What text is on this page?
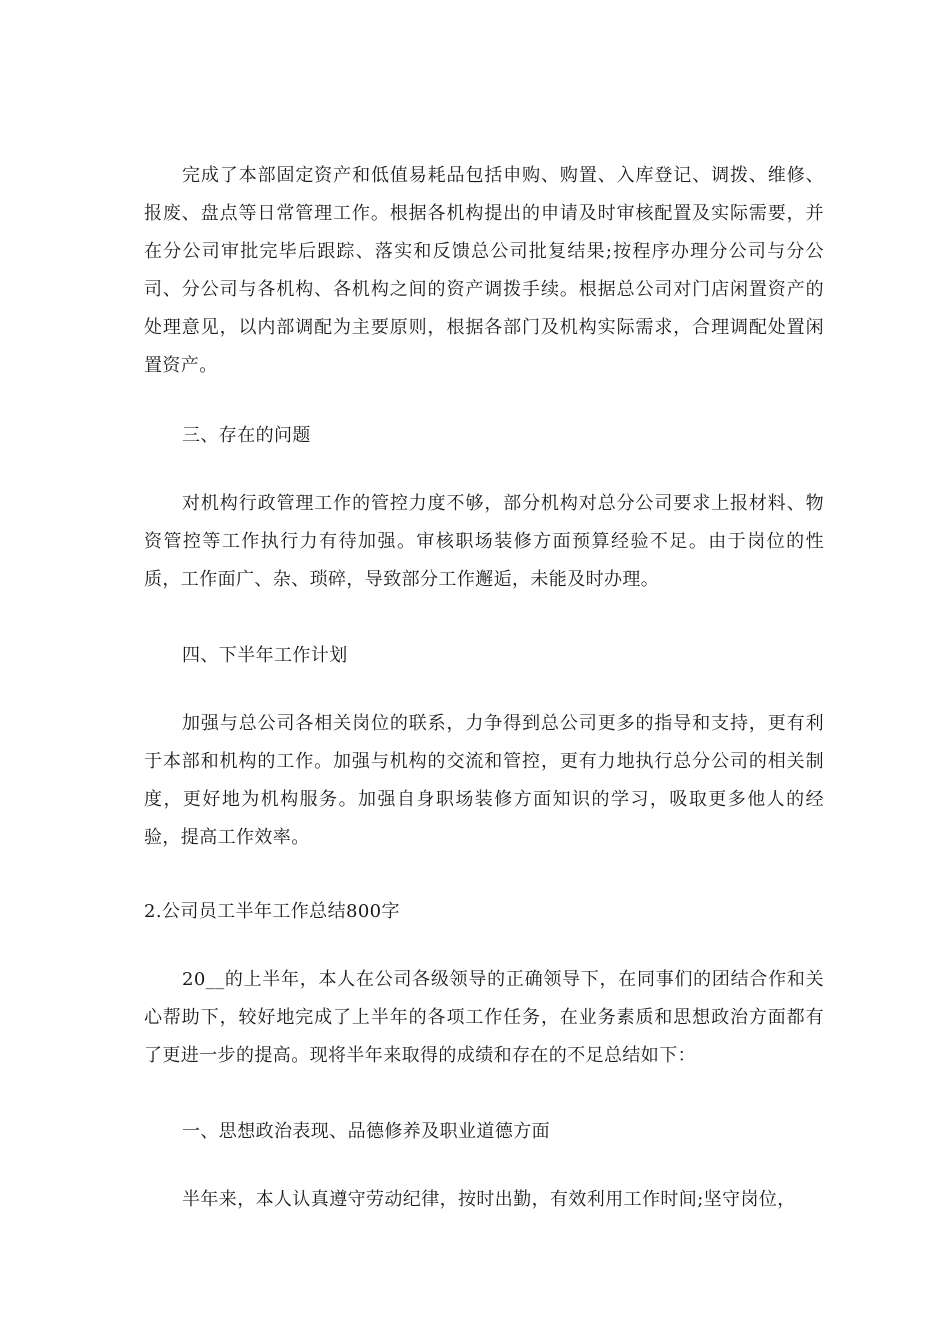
完成了本部固定资产和低值易耗品包括申购、购置、入库登记、调拨、维修、报废、盘点等日常管理工作。根据各机构提出的申请及时审核配置及实际需要，并在分公司审批完毕后跟踪、落实和反馈总公司批复结果;按程序办理分公司与分公司、分公司与各机构、各机构之间的资产调拨手续。根据总公司对门店闲置资产的处理意见，以内部调配为主要原则，根据各部门及机构实际需求，合理调配处置闲置资产。

三、存在的问题

对机构行政管理工作的管控力度不够，部分机构对总分公司要求上报材料、物资管控等工作执行力有待加强。审核职场装修方面预算经验不足。由于岗位的性质，工作面广、杂、琐碎，导致部分工作邂逅，未能及时办理。

四、下半年工作计划

加强与总公司各相关岗位的联系，力争得到总公司更多的指导和支持，更有利于本部和机构的工作。加强与机构的交流和管控，更有力地执行总分公司的相关制度，更好地为机构服务。加强自身职场装修方面知识的学习，吸取更多他人的经验，提高工作效率。

2.公司员工半年工作总结800字

20__的上半年，本人在公司各级领导的正确领导下，在同事们的团结合作和关心帮助下，较好地完成了上半年的各项工作任务，在业务素质和思想政治方面都有了更进一步的提高。现将半年来取得的成绩和存在的不足总结如下：

一、思想政治表现、品德修养及职业道德方面

半年来，本人认真遵守劳动纪律，按时出勤，有效利用工作时间;坚守岗位，
